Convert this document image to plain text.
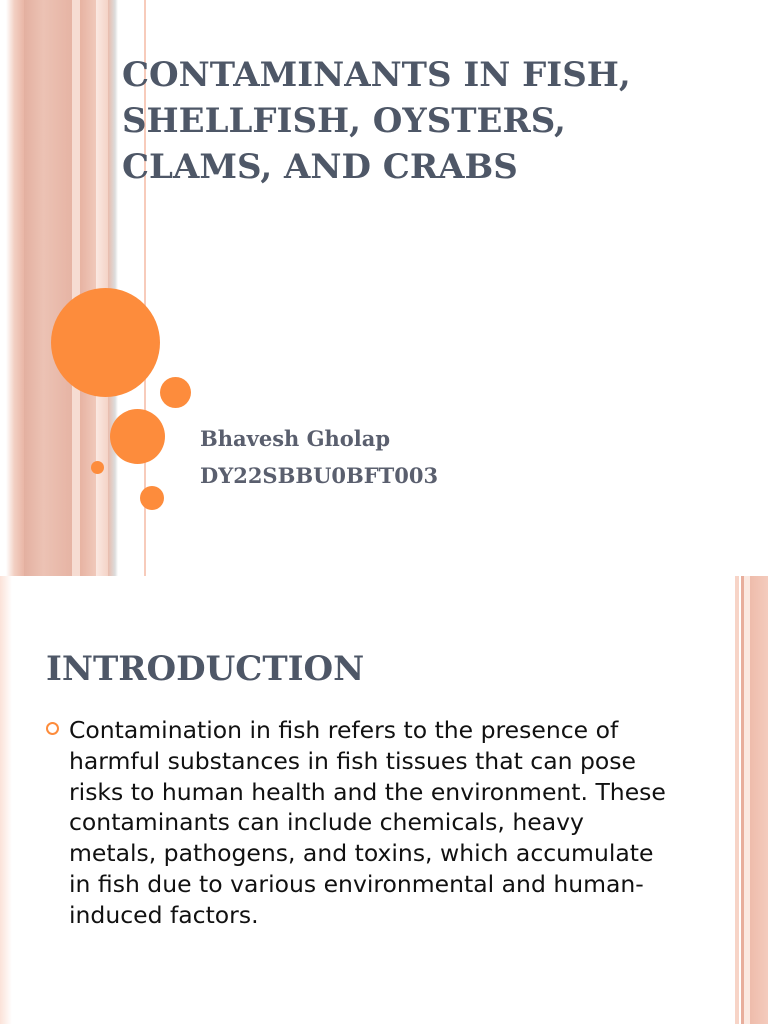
CONTAMINANTS IN FISH,
SHELLFISH, OYSTERS,
CLAMS, AND CRABS

Bhavesh Gholap

DY22SBBU0BFT003

INTRODUCTION

Contamination in fish refers to the presence of harmful substances in fish tissues that can pose risks to human health and the environment. These contaminants can include chemicals, heavy metals, pathogens, and toxins, which accumulate in fish due to various environmental and human-induced factors.
